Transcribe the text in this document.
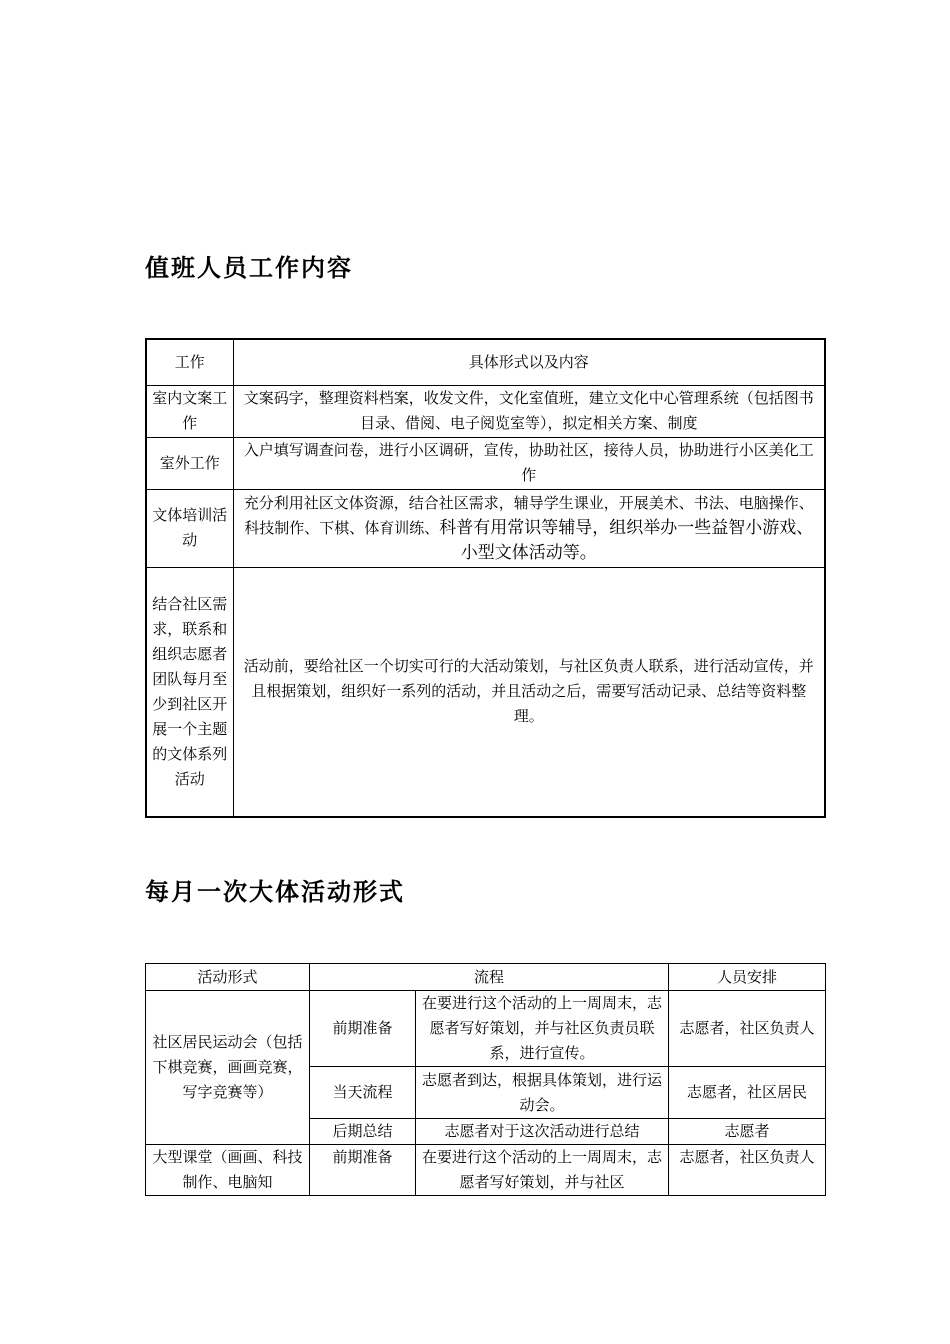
值班人员工作内容
工作	具体形式以及内容
室内文案工作	文案码字，整理资料档案，收发文件，文化室值班，建立文化中心管理系统（包括图书目录、借阅、电子阅览室等），拟定相关方案、制度
室外工作	入户填写调查问卷，进行小区调研，宣传，协助社区，接待人员，协助进行小区美化工作
文体培训活动	充分利用社区文体资源，结合社区需求，辅导学生课业，开展美术、书法、电脑操作、科技制作、下棋、体育训练、科普有用常识等辅导，组织举办一些益智小游戏、小型文体活动等。
结合社区需求，联系和组织志愿者团队每月至少到社区开展一个主题的文体系列活动	活动前，要给社区一个切实可行的大活动策划，与社区负责人联系，进行活动宣传，并且根据策划，组织好一系列的活动，并且活动之后，需要写活动记录、总结等资料整理。
每月一次大体活动形式
活动形式	流程		人员安排
社区居民运动会（包括下棋竞赛，画画竞赛，写字竞赛等）	前期准备	在要进行这个活动的上一周周末，志愿者写好策划，并与社区负责员联系，进行宣传。	志愿者，社区负责人
	当天流程	志愿者到达，根据具体策划，进行运动会。	志愿者，社区居民
	后期总结	志愿者对于这次活动进行总结	志愿者
大型课堂（画画、科技制作、电脑知	前期准备	在要进行这个活动的上一周周末，志愿者写好策划，并与社区	志愿者，社区负责人
